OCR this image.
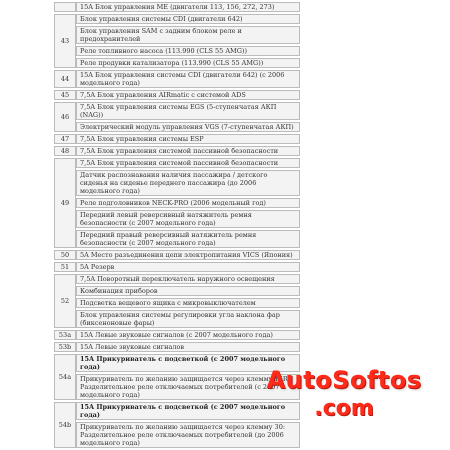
	15A Блок управления ME (двигатели 113, 156, 272, 273)
43	Блок управления системы CDI (двигатели 642)
	Блок управления SAM с задним блоком реле и предохранителей
	Реле топливного насоса (113.990 (CLS 55 AMG))
	Реле продувки катализатора (113.990 (CLS 55 AMG))
44	15A Блок управления системы CDI (двигатели 642) (с 2006 модельного года)
45	7,5A Блок управления AIRmatic с системой ADS
46	7,5A Блок управления системы EGS (5-ступенчатая АКП (NAG))
	Электрический модуль управления VGS (7-ступенчатая АКП)
47	7,5A Блок управления системы ESP
48	7,5A Блок управления системой пассивной безопасности
49	7,5A Блок управления системой пассивной безопасности
	Датчик распознавания наличия пассажира / детского сиденья на сиденье переднего пассажира (до 2006 модельного года)
	Реле подголовников NECK-PRO (2006 модельный год)
	Передний левый реверсивный натяжитель ремня безопасности (с 2007 модельного года)
	Передний правый реверсивный натяжитель ремня безопасности (с 2007 модельного года)
50	5A Место разъединения цепи электропитания VICS (Япония)
51	5A Резерв
52	7,5A Поворотный переключатель наружного освещения
	Комбинация приборов
	Подсветка вещевого ящика с микровыключателем
	Блок управления системы регулировки угла наклона фар (биксеноновые фары)
53a	15A Левые звуковые сигналов (с 2007 модельного года)
53b	15A Левые звуковые сигналов
54a	15A Прикуриватель с подсветкой (с 2007 модельного года)
	Прикуриватель по желанию защищается через клемму 15R: Разделительное реле отключаемых потребителей (с 2007 модельного года)
54b	15A Прикуриватель с подсветкой (с 2007 модельного года)
	Прикуриватель по желанию защищается через клемму 30: Разделительное реле отключаемых потребителей (до 2006 модельного года)
AutoSoftos
.com
